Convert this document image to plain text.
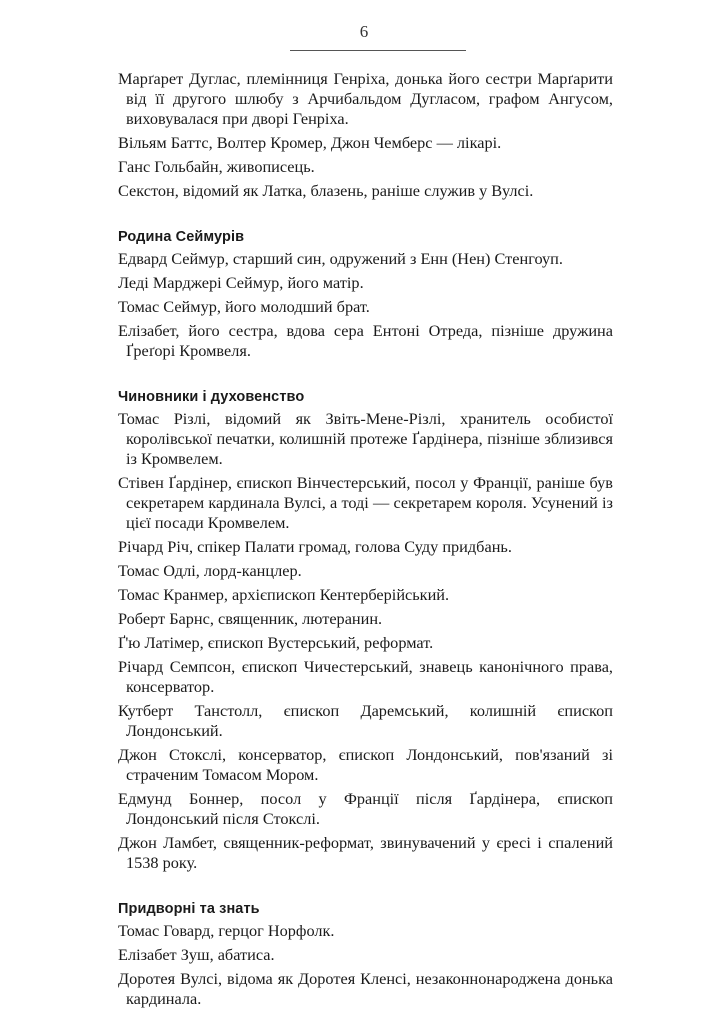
6

Марґарет Дуглас, племінниця Генріха, донька його сестри Марґарити від її другого шлюбу з Арчибальдом Дугласом, графом Ангусом, виховувалася при дворі Генріха.

Вільям Баттс, Волтер Кромер, Джон Чемберс — лікарі.

Ганс Гольбайн, живописець.

Секстон, відомий як Латка, блазень, раніше служив у Вулсі.

Родина Сеймурів

Едвард Сеймур, старший син, одружений з Енн (Нен) Стенгоуп.

Леді Марджері Сеймур, його матір.

Томас Сеймур, його молодший брат.

Елізабет, його сестра, вдова сера Ентоні Отреда, пізніше дружина Ґреґорі Кромвеля.

Чиновники і духовенство

Томас Різлі, відомий як Звіть-Мене-Різлі, хранитель особистої королівської печатки, колишній протеже Ґардінера, пізніше зблизився із Кромвелем.

Стівен Ґардінер, єпископ Вінчестерський, посол у Франції, раніше був секретарем кардинала Вулсі, а тоді — секретарем короля. Усунений із цієї посади Кромвелем.

Річард Річ, спікер Палати громад, голова Суду придбань.

Томас Одлі, лорд-канцлер.

Томас Кранмер, архієпископ Кентерберійський.

Роберт Барнс, священник, лютеранин.

Ґ'ю Латімер, єпископ Вустерський, реформат.

Річард Семпсон, єпископ Чичестерський, знавець канонічного права, консерватор.

Кутберт Танстолл, єпископ Даремський, колишній єпископ Лондонський.

Джон Стокслі, консерватор, єпископ Лондонський, пов'язаний зі страченим Томасом Мором.

Едмунд Боннер, посол у Франції після Ґардінера, єпископ Лондонський після Стокслі.

Джон Ламбет, священник-реформат, звинувачений у єресі і спалений 1538 року.

Придворні та знать

Томас Говард, герцог Норфолк.

Елізабет Зуш, абатиса.

Доротея Вулсі, відома як Доротея Кленсі, незаконнонароджена донька кардинала.
